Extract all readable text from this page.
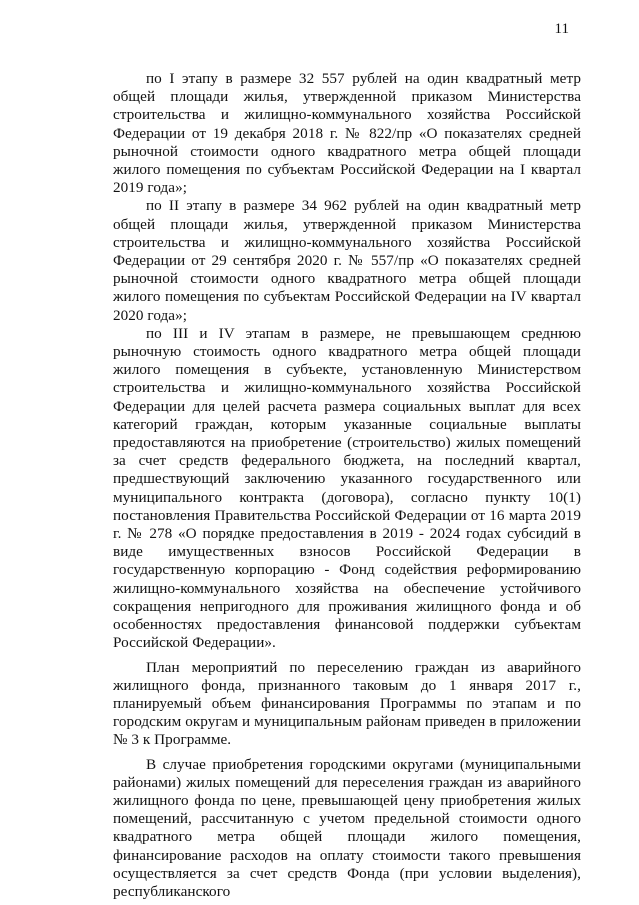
11

по I этапу в размере 32 557 рублей на один квадратный метр общей площади жилья, утвержденной приказом Министерства строительства и жилищно-коммунального хозяйства Российской Федерации от 19 декабря 2018 г. № 822/пр «О показателях средней рыночной стоимости одного квадратного метра общей площади жилого помещения по субъектам Российской Федерации на I квартал 2019 года»;

по II этапу в размере 34 962 рублей на один квадратный метр общей площади жилья, утвержденной приказом Министерства строительства и жилищно-коммунального хозяйства Российской Федерации от 29 сентября 2020 г. № 557/пр «О показателях средней рыночной стоимости одного квадратного метра общей площади жилого помещения по субъектам Российской Федерации на IV квартал 2020 года»;

по III и IV этапам в размере, не превышающем среднюю рыночную стоимость одного квадратного метра общей площади жилого помещения в субъекте, установленную Министерством строительства и жилищно-коммунального хозяйства Российской Федерации для целей расчета размера социальных выплат для всех категорий граждан, которым указанные социальные выплаты предоставляются на приобретение (строительство) жилых помещений за счет средств федерального бюджета, на последний квартал, предшествующий заключению указанного государственного или муниципального контракта (договора), согласно пункту 10(1) постановления Правительства Российской Федерации от 16 марта 2019 г. № 278 «О порядке предоставления в 2019 - 2024 годах субсидий в виде имущественных взносов Российской Федерации в государственную корпорацию - Фонд содействия реформированию жилищно-коммунального хозяйства на обеспечение устойчивого сокращения непригодного для проживания жилищного фонда и об особенностях предоставления финансовой поддержки субъектам Российской Федерации».

План мероприятий по переселению граждан из аварийного жилищного фонда, признанного таковым до 1 января 2017 г., планируемый объем финансирования Программы по этапам и по городским округам и муниципальным районам приведен в приложении № 3 к Программе.

В случае приобретения городскими округами (муниципальными районами) жилых помещений для переселения граждан из аварийного жилищного фонда по цене, превышающей цену приобретения жилых помещений, рассчитанную с учетом предельной стоимости одного квадратного метра общей площади жилого помещения, финансирование расходов на оплату стоимости такого превышения осуществляется за счет средств Фонда (при условии выделения), республиканского
